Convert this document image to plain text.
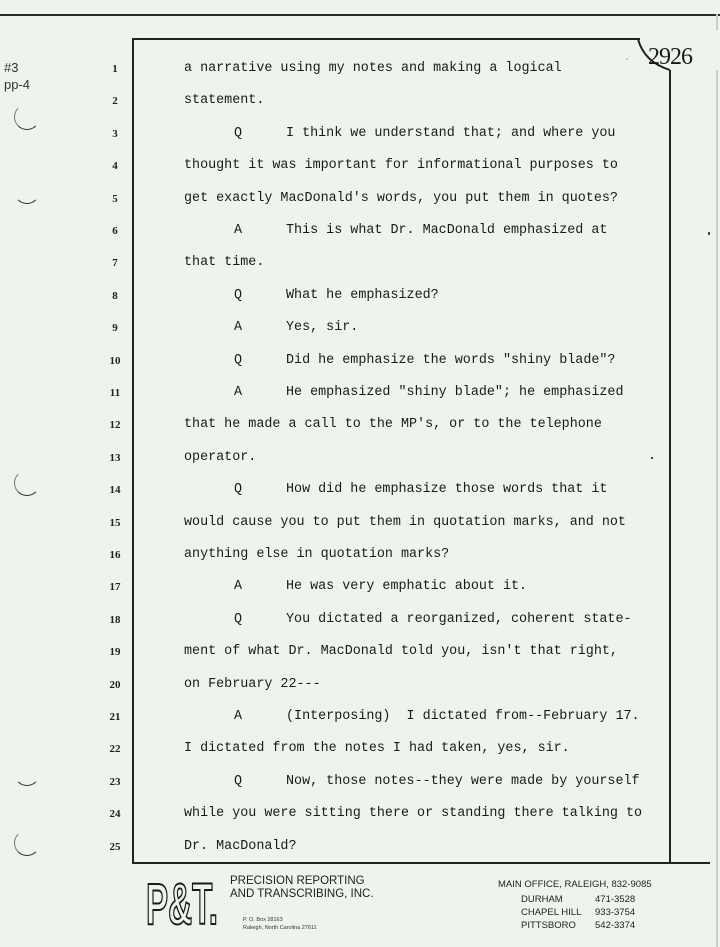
#3
pp-4
ˌ 2926
1	a narrative using my notes and making a logical
2	statement.
3	Q	I think we understand that; and where you
4	thought it was important for informational purposes to
5	get exactly MacDonald's words, you put them in quotes?
6	A	This is what Dr. MacDonald emphasized at
7	that time.
8	Q	What he emphasized?
9	A	Yes, sir.
10	Q	Did he emphasize the words "shiny blade"?
11	A	He emphasized "shiny blade"; he emphasized
12	that he made a call to the MP's, or to the telephone
13	operator.
14	Q	How did he emphasize those words that it
15	would cause you to put them in quotation marks, and not
16	anything else in quotation marks?
17	A	He was very emphatic about it.
18	Q	You dictated a reorganized, coherent state-
19	ment of what Dr. MacDonald told you, isn't that right,
20	on February 22---
21	A	(Interposing)  I dictated from--February 17.
22	I dictated from the notes I had taken, yes, sir.
23	Q	Now, those notes--they were made by yourself
24	while you were sitting there or standing there talking to
25	Dr. MacDonald?
P&T. PRECISION REPORTING
AND TRANSCRIBING, INC.
P. O. Box 28163
Raleigh, North Carolina 27611
MAIN OFFICE, RALEIGH, 832-9085
DURHAM	471-3528
CHAPEL HILL 933-3754
PITTSBORO 542-3374
